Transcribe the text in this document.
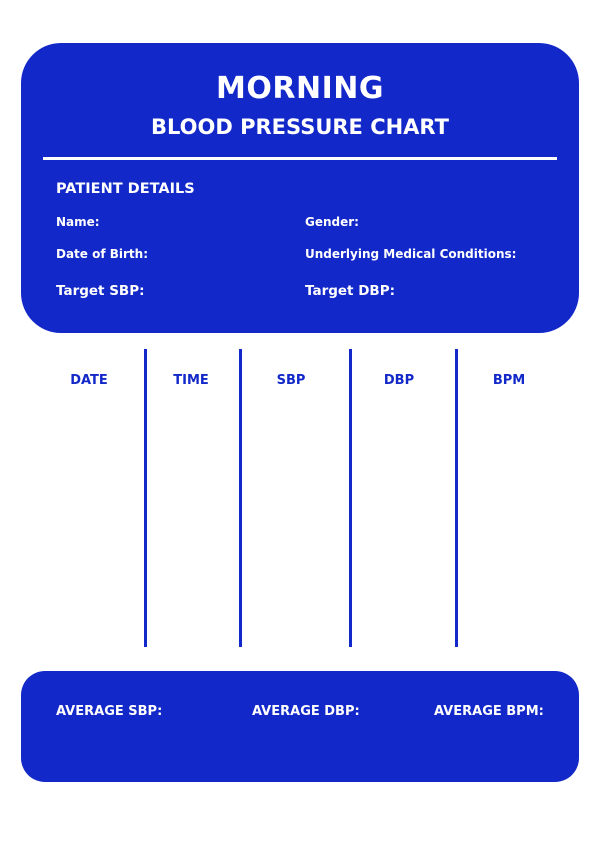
MORNING
BLOOD PRESSURE CHART
PATIENT DETAILS
Name:	Gender:
Date of Birth:	Underlying Medical Conditions:
Target SBP:	Target DBP:
DATE	TIME	SBP	DBP	BPM
AVERAGE SBP:	AVERAGE DBP:	AVERAGE BPM:
